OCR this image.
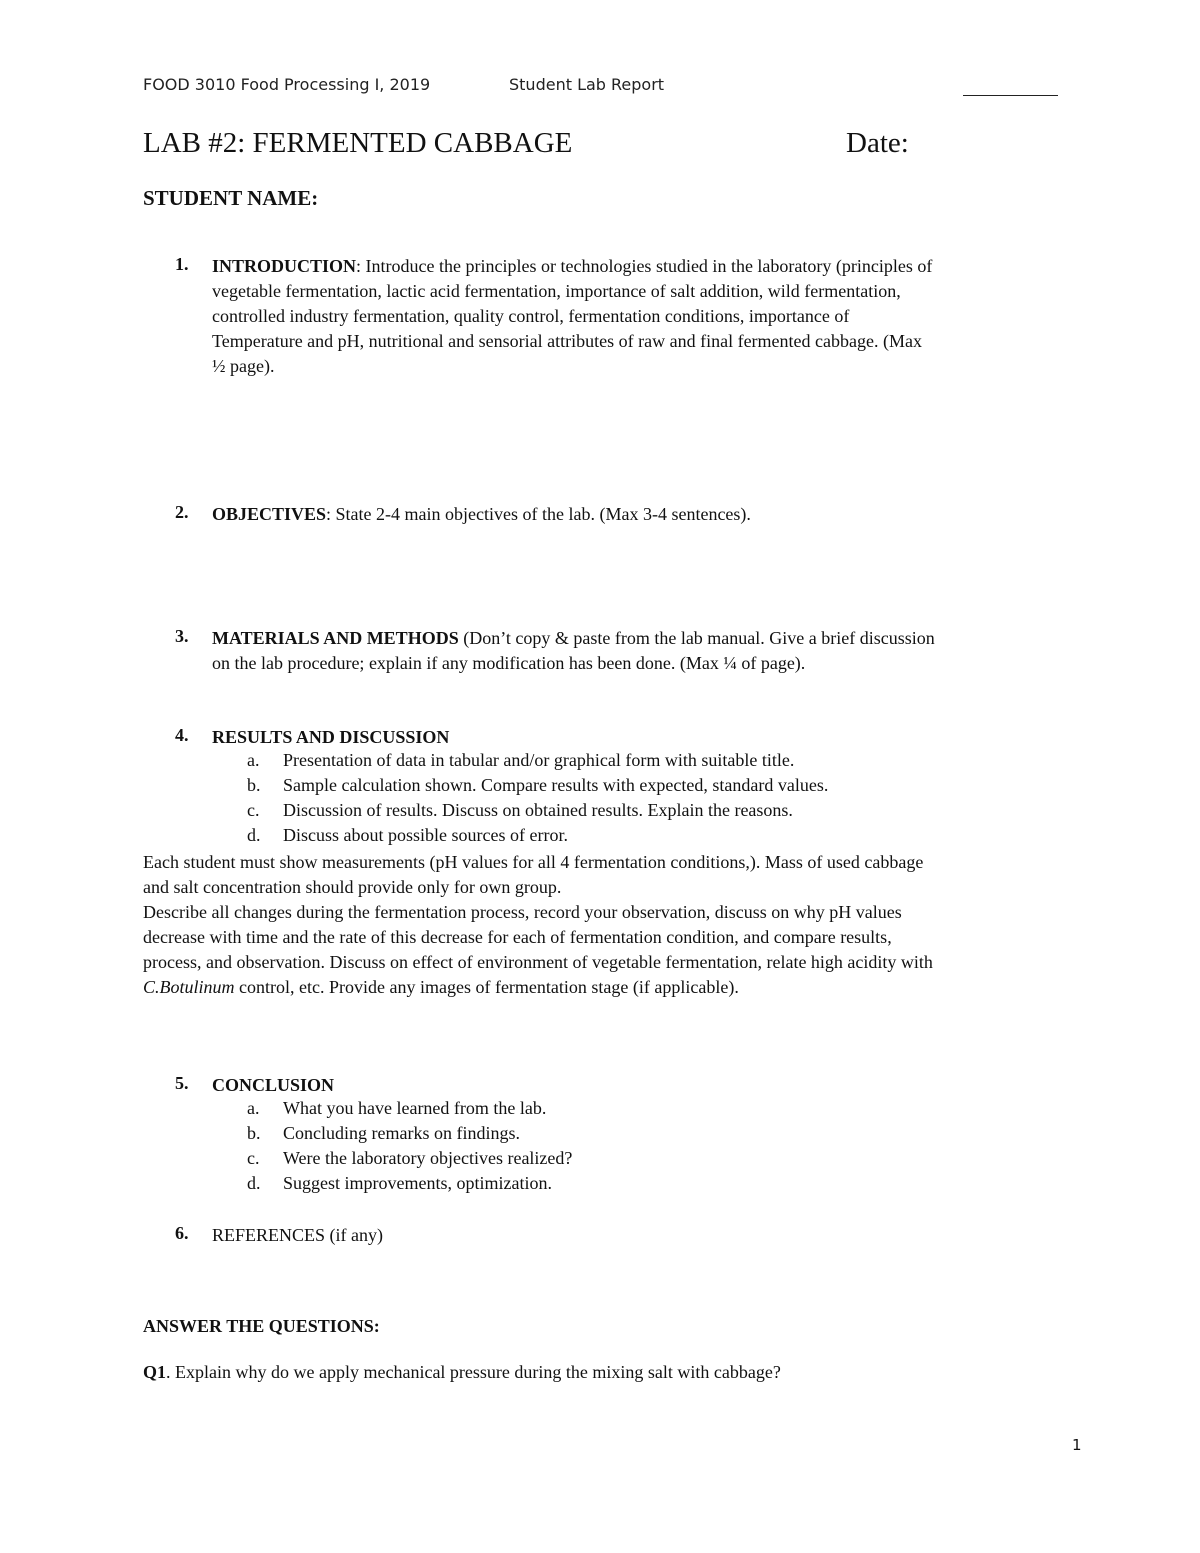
FOOD 3010 Food Processing I, 2019	Student Lab Report
LAB #2: FERMENTED CABBAGE	Date:
STUDENT NAME:
1. INTRODUCTION: Introduce the principles or technologies studied in the laboratory (principles of
vegetable fermentation, lactic acid fermentation, importance of salt addition, wild fermentation,
controlled industry fermentation, quality control, fermentation conditions, importance of
Temperature and pH, nutritional and sensorial attributes of raw and final fermented cabbage. (Max
½ page).
2. OBJECTIVES: State 2-4 main objectives of the lab. (Max 3-4 sentences).
3. MATERIALS AND METHODS (Don’t copy & paste from the lab manual. Give a brief discussion
on the lab procedure; explain if any modification has been done. (Max ¼ of page).
4. RESULTS AND DISCUSSION
a. Presentation of data in tabular and/or graphical form with suitable title.
b. Sample calculation shown. Compare results with expected, standard values.
c. Discussion of results. Discuss on obtained results. Explain the reasons.
d. Discuss about possible sources of error.
Each student must show measurements (pH values for all 4 fermentation conditions,). Mass of used cabbage
and salt concentration should provide only for own group.
Describe all changes during the fermentation process, record your observation, discuss on why pH values
decrease with time and the rate of this decrease for each of fermentation condition, and compare results,
process, and observation. Discuss on effect of environment of vegetable fermentation, relate high acidity with
C.Botulinum control, etc. Provide any images of fermentation stage (if applicable).
5. CONCLUSION
a. What you have learned from the lab.
b. Concluding remarks on findings.
c. Were the laboratory objectives realized?
d. Suggest improvements, optimization.
6. REFERENCES (if any)
ANSWER THE QUESTIONS:
Q1. Explain why do we apply mechanical pressure during the mixing salt with cabbage?
1
